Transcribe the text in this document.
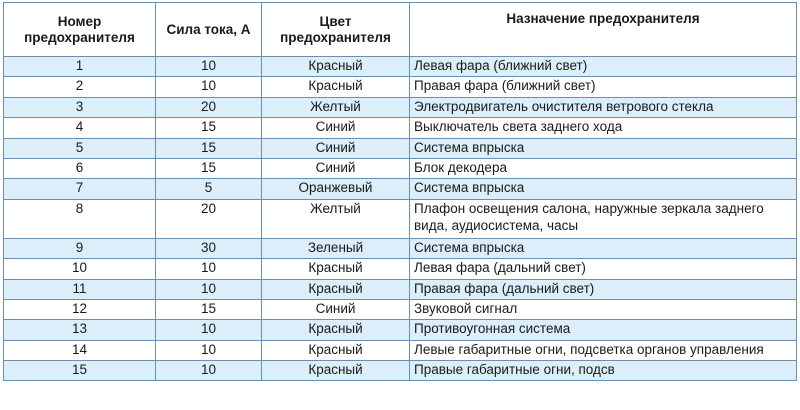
Номер предохранителя	Сила тока, А	Цвет предохранителя	Назначение предохранителя
1	10	Красный	Левая фара (ближний свет)
2	10	Красный	Правая фара (ближний свет)
3	20	Желтый	Электродвигатель очистителя ветрового стекла
4	15	Синий	Выключатель света заднего хода
5	15	Синий	Система впрыска
6	15	Синий	Блок декодера
7	5	Оранжевый	Система впрыска
8	20	Желтый	Плафон освещения салона, наружные зеркала заднего вида, аудиосистема, часы
9	30	Зеленый	Система впрыска
10	10	Красный	Левая фара (дальний свет)
11	10	Красный	Правая фара (дальний свет)
12	15	Синий	Звуковой сигнал
13	10	Красный	Противоугонная система
14	10	Красный	Левые габаритные огни, подсветка органов управления
15	10	Красный	Правые габаритные огни, подсв
